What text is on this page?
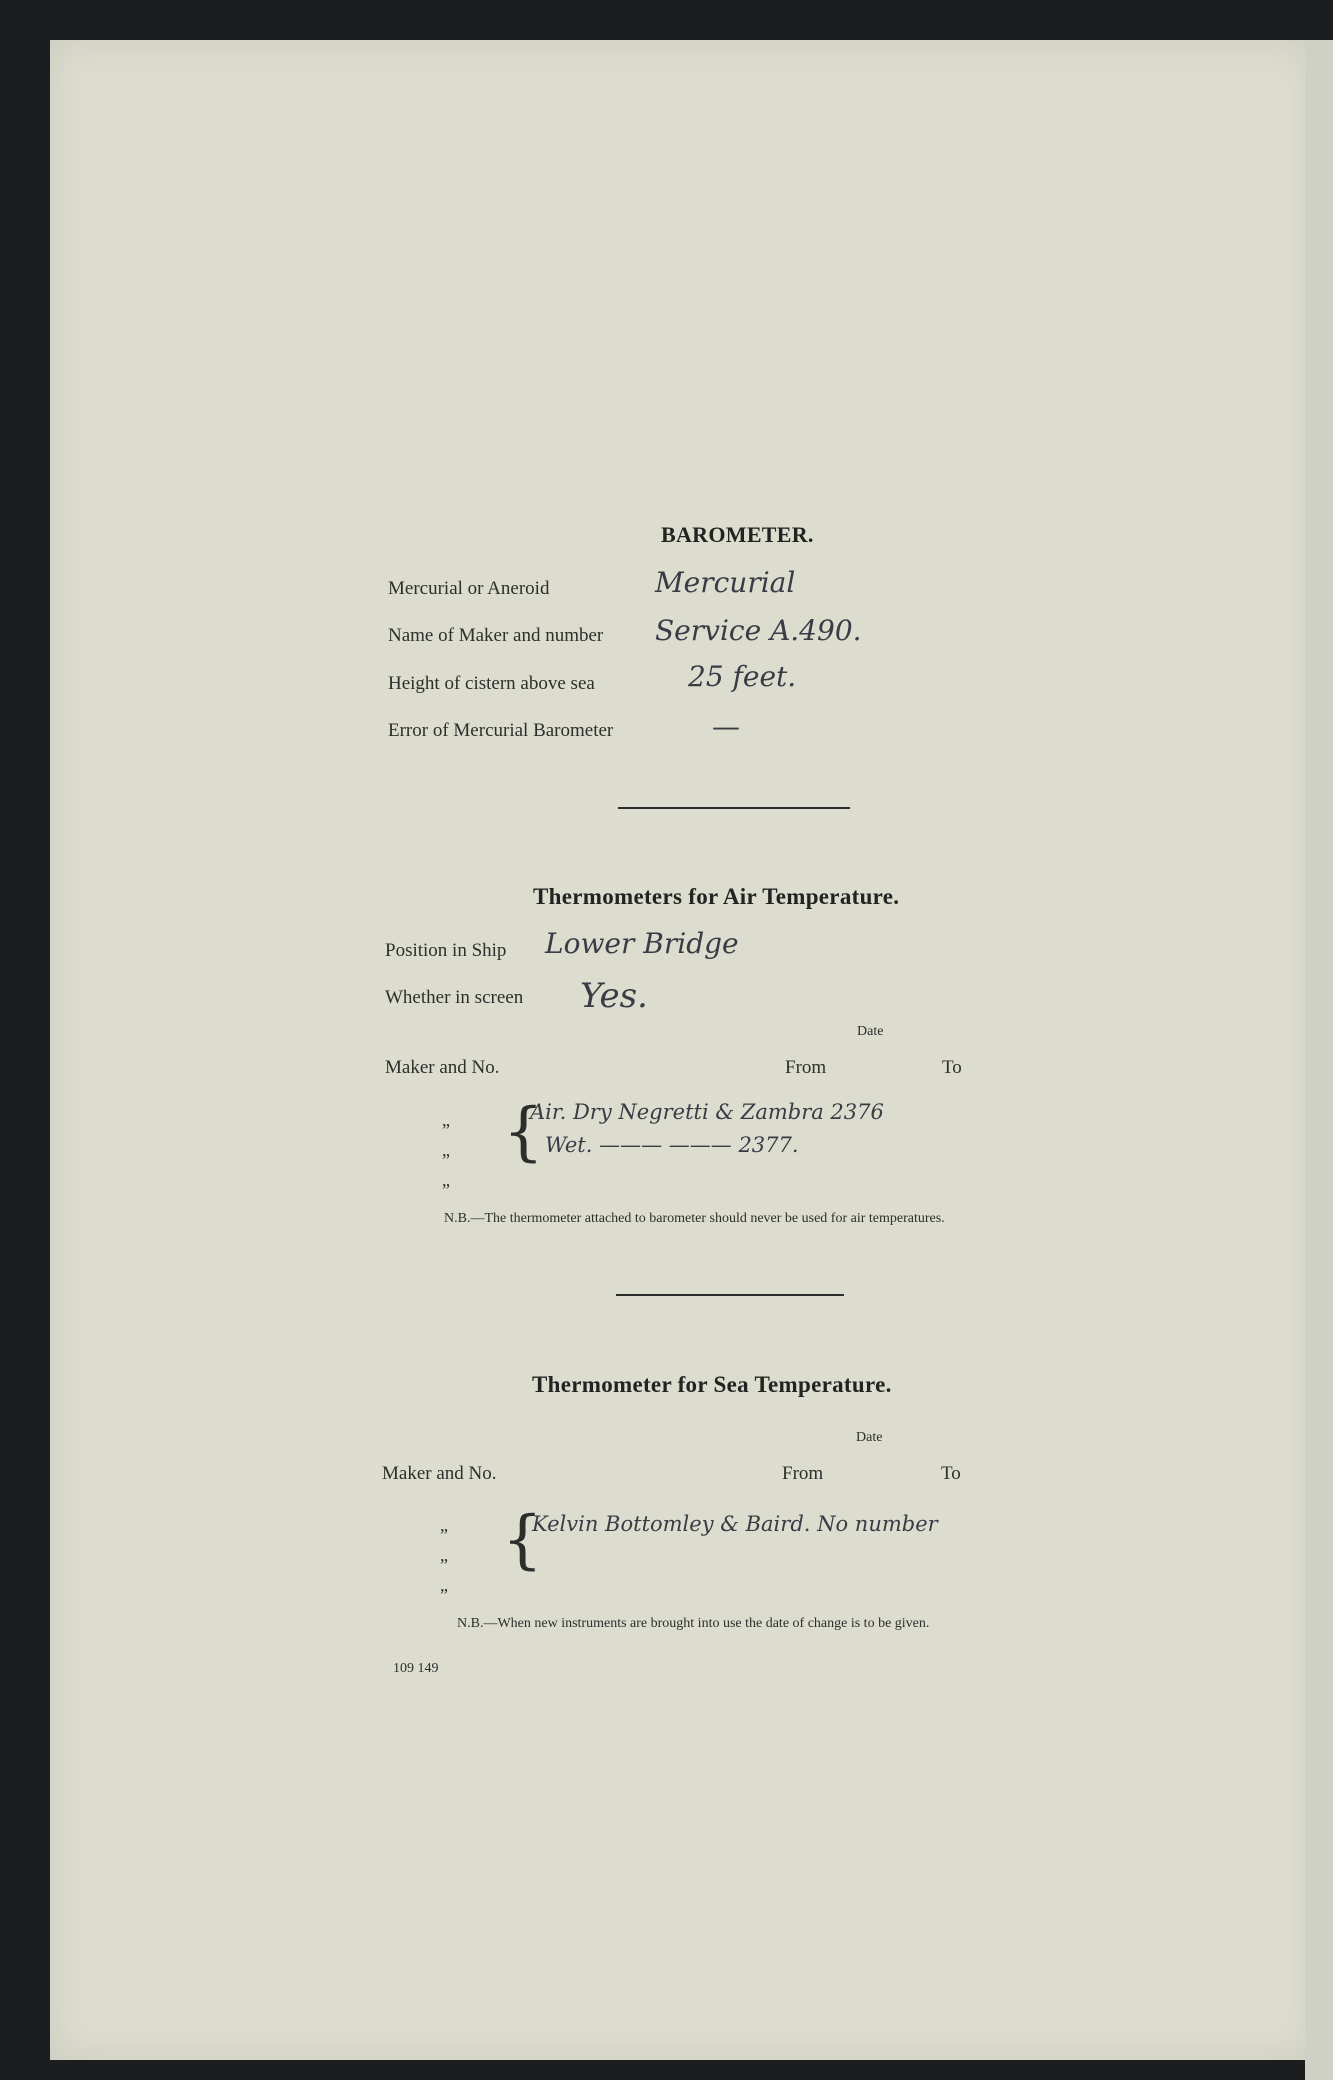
BAROMETER.
Mercurial or Aneroid	Mercurial
Name of Maker and number Service A.490.
Height of cistern above sea	25 feet.
Error of Mercurial Barometer	—
Thermometers for Air Temperature.
Position in Ship Lower Bridge
Whether in screen Yes.
Date
Maker and No.	From	To
„
„
„
{
Air. Dry Negretti & Zambra 2376
Wet. ——— ——— 2377.
N.B.—The thermometer attached to barometer should never be used for air temperatures.
Thermometer for Sea Temperature.
Date
Maker and No.	From	To
„
„
„
{
Kelvin Bottomley & Baird. No number
N.B.—When new instruments are brought into use the date of change is to be given.
109 149
